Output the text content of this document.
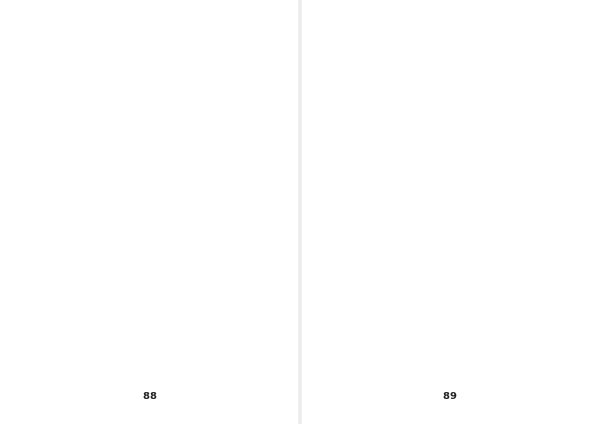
88	89
